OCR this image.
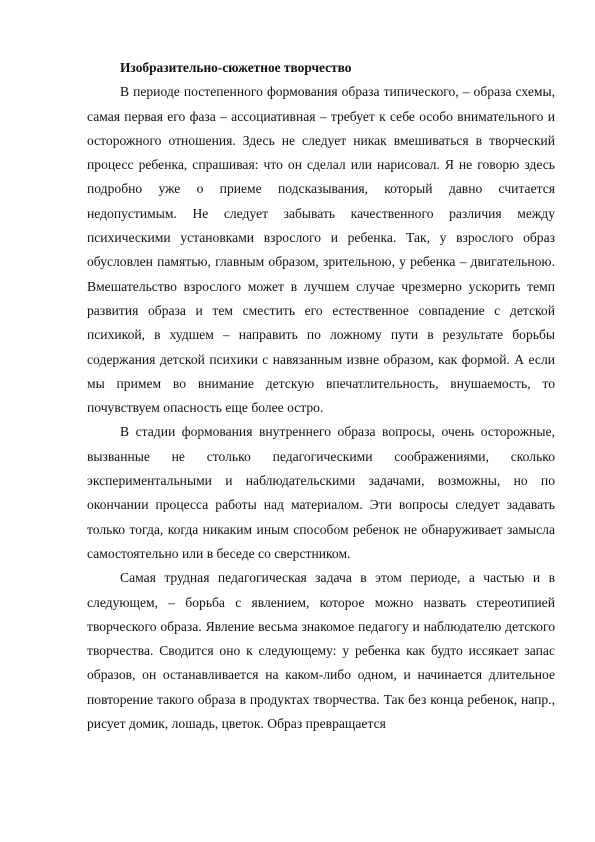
Изобразительно-сюжетное творчество

В периоде постепенного формования образа типического, – образа схемы, самая первая его фаза – ассоциативная – требует к себе особо внимательного и осторожного отношения. Здесь не следует никак вмешиваться в творческий процесс ребенка, спрашивая: что он сделал или нарисовал. Я не говорю здесь подробно уже о приеме подсказывания, который давно считается недопустимым. Не следует забывать качественного различия между психическими установками взрослого и ребенка. Так, у взрослого образ обусловлен памятью, главным образом, зрительною, у ребенка – двигательною. Вмешательство взрослого может в лучшем случае чрезмерно ускорить темп развития образа и тем сместить его естественное совпадение с детской психикой, в худшем – направить по ложному пути в результате борьбы содержания детской психики с навязанным извне образом, как формой. А если мы примем во внимание детскую впечатлительность, внушаемость, то почувствуем опасность еще более остро.

В стадии формования внутреннего образа вопросы, очень осторожные, вызванные не столько педагогическими соображениями, сколько экспериментальными и наблюдательскими задачами, возможны, но по окончании процесса работы над материалом. Эти вопросы следует задавать только тогда, когда никаким иным способом ребенок не обнаруживает замысла самостоятельно или в беседе со сверстником.

Самая трудная педагогическая задача в этом периоде, а частью и в следующем, – борьба с явлением, которое можно назвать стереотипией творческого образа. Явление весьма знакомое педагогу и наблюдателю детского творчества. Сводится оно к следующему: у ребенка как будто иссякает запас образов, он останавливается на каком-либо одном, и начинается длительное повторение такого образа в продуктах творчества. Так без конца ребенок, напр., рисует домик, лошадь, цветок. Образ превращается
